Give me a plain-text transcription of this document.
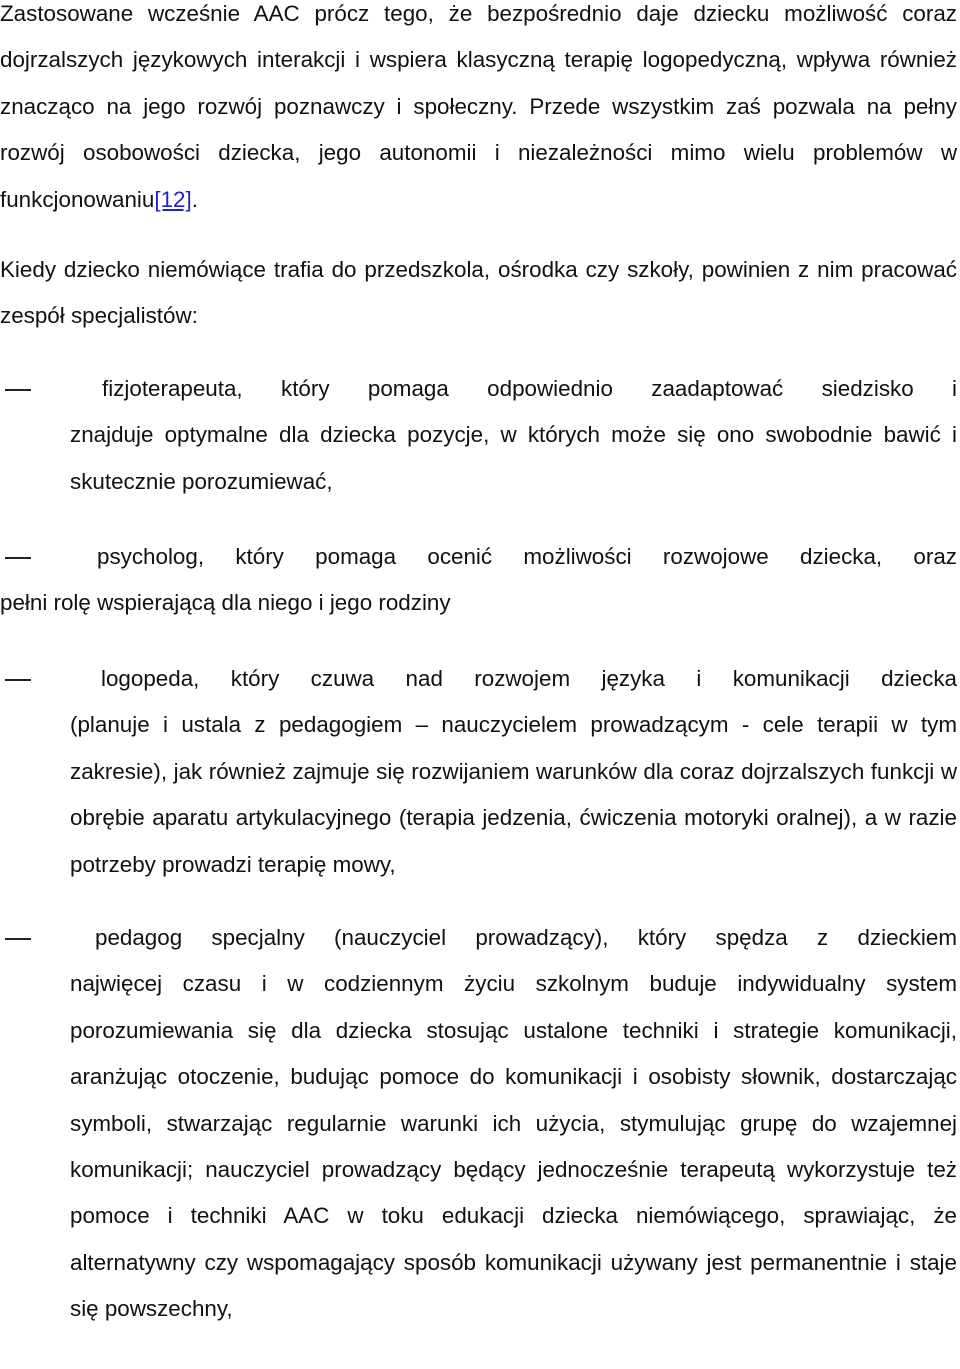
Zastosowane wcześnie AAC prócz tego, że bezpośrednio daje dziecku możliwość coraz dojrzalszych językowych interakcji i wspiera klasyczną terapię logopedyczną, wpływa również znacząco na jego rozwój poznawczy i społeczny. Przede wszystkim zaś pozwala na pełny rozwój osobowości dziecka, jego autonomii i niezależności mimo wielu problemów w funkcjonowaniu[12].

Kiedy dziecko niemówiące trafia do przedszkola, ośrodka czy szkoły, powinien z nim pracować zespół specjalistów:

fizjoterapeuta, który pomaga odpowiednio zaadaptować siedzisko i
znajduje optymalne dla dziecka pozycje, w których może się ono swobodnie bawić i skutecznie porozumiewać,

psycholog, który pomaga ocenić możliwości rozwojowe dziecka, oraz
pełni rolę wspierającą dla niego i jego rodziny

logopeda, który czuwa nad rozwojem języka i komunikacji dziecka
(planuje i ustala z pedagogiem – nauczycielem prowadzącym - cele terapii w tym zakresie), jak również zajmuje się rozwijaniem warunków dla coraz dojrzalszych funkcji w obrębie aparatu artykulacyjnego (terapia jedzenia, ćwiczenia motoryki oralnej), a w razie potrzeby prowadzi terapię mowy,

pedagog specjalny (nauczyciel prowadzący), który spędza z dzieckiem
najwięcej czasu i w codziennym życiu szkolnym buduje indywidualny system porozumiewania się dla dziecka stosując ustalone techniki i strategie komunikacji, aranżując otoczenie, budując pomoce do komunikacji i osobisty słownik, dostarczając symboli, stwarzając regularnie warunki ich użycia, stymulując grupę do wzajemnej komunikacji; nauczyciel prowadzący będący jednocześnie terapeutą wykorzystuje też pomoce i techniki AAC w toku edukacji dziecka niemówiącego, sprawiając, że alternatywny czy wspomagający sposób komunikacji używany jest permanentnie i staje się powszechny,
